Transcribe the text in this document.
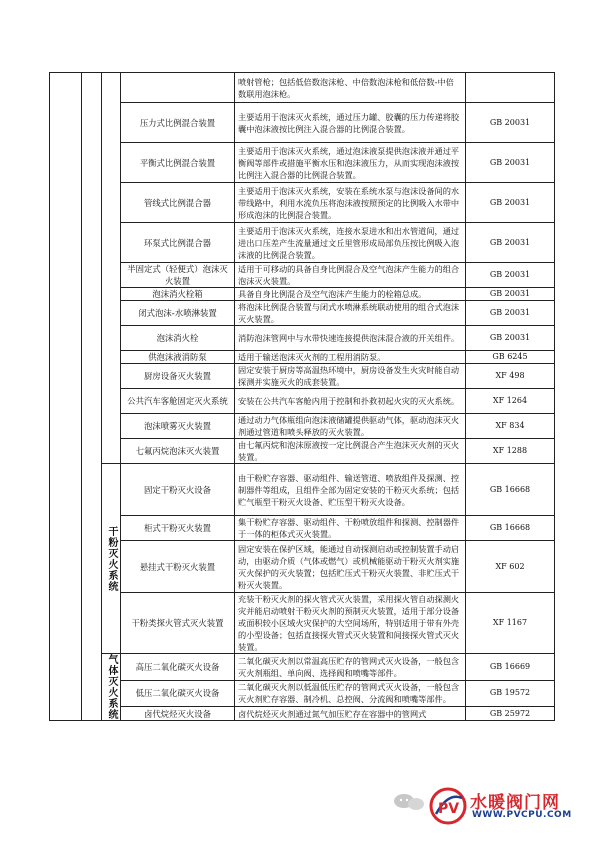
				喷射管枪；包括低倍数泡沫枪、中倍数泡沫枪和低倍数-中倍数联用泡沫枪。	
			压力式比例混合装置	主要适用于泡沫灭火系统，通过压力罐、胶囊的压力传递将胶囊中泡沫液按比例注入混合器的比例混合装置。	GB 20031
			平衡式比例混合装置	主要适用于泡沫灭火系统，通过泡沫液泵提供泡沫液并通过平衡阀等部件或措施平衡水压和泡沫液压力，从而实现泡沫液按比例注入混合器的比例混合装置。	GB 20031
			管线式比例混合器	主要适用于泡沫灭火系统，安装在系统水泵与泡沫设备间的水带线路中，利用水流负压将泡沫液按照预定的比例吸入水带中形成泡沫的比例混合装置。	GB 20031
			环泵式比例混合器	主要适用于泡沫灭火系统，连接水泵进水和出水管道间，通过进出口压差产生流量通过文丘里管形成局部负压按比例吸入泡沫液的比例混合装置。	GB 20031
			半固定式（轻便式）泡沫灭火装置	适用于可移动的具备自身比例混合及空气泡沫产生能力的组合泡沫灭火装置。	GB 20031
			泡沫消火栓箱	具备自身比例混合及空气泡沫产生能力的栓箱总成。	GB 20031
			闭式泡沫-水喷淋装置	将泡沫比例混合装置与闭式水喷淋系统联动使用的组合式泡沫灭火装置。	GB 20031
			泡沫消火栓	消防泡沫管网中与水带快速连接提供泡沫混合液的开关组件。	GB 20031
			供泡沫液消防泵	适用于输送泡沫灭火剂的工程用消防泵。	GB 6245
			厨房设备灭火装置	固定安装于厨房等高温热环境中，厨房设备发生火灾时能自动探测并实施灭火的成套装置。	XF 498
			公共汽车客舱固定灭火系统	安装在公共汽车客舱内用于控制和扑救初起火灾的灭火系统。	XF 1264
			泡沫喷雾灭火装置	通过动力气体瓶组向泡沫液储罐提供驱动气体，驱动泡沫灭火剂通过管道和喷头释放的灭火装置。	XF 834
			七氟丙烷泡沫灭火装置	由七氟丙烷和泡沫原液按一定比例混合产生泡沫灭火剂的灭火装置。	XF 1288

		干粉灭火系统	固定干粉灭火设备	由干粉贮存容器、驱动组件、输送管道、喷放组件及探测、控制器件等组成，且组件全部为固定安装的干粉灭火系统；包括贮气瓶型干粉灭火设备、贮压型干粉灭火设备。	GB 16668
			柜式干粉灭火装置	集干粉贮存容器、驱动组件、干粉喷放组件和探测、控制器件于一体的柜体式灭火装置。	GB 16668
			悬挂式干粉灭火装置	固定安装在保护区域，能通过自动探测启动或控制装置手动启动，由驱动介质（气体或燃气）或机械能驱动干粉灭火剂实施灭火保护的灭火装置；包括贮压式干粉灭火装置、非贮压式干粉灭火装置。	XF 602
			干粉类探火管式灭火装置	充装干粉灭火剂的探火管式灭火装置，采用探火管自动探测火灾并能启动喷射干粉灭火剂的预制灭火装置，适用于部分设备或面积较小区域火灾保护的大空间场所，特别适用于带有外壳的小型设备；包括直接探火管式灭火装置和间接探火管式灭火装置。	XF 1167

		气体灭火系统	高压二氧化碳灭火设备	二氧化碳灭火剂以常温高压贮存的管网式灭火设备，一般包含灭火剂瓶组、单向阀、选择阀和喷嘴等部件。	GB 16669
			低压二氧化碳灭火设备	二氧化碳灭火剂以低温低压贮存的管网式灭火设备，一般包含灭火剂贮存容器、制冷机、总控阀、分流阀和喷嘴等部件。	GB 19572
			卤代烷烃灭火设备	卤代烷烃灭火剂通过氮气加压贮存在容器中的管网式	GB 25972
PV 水暖阀门网
WWW.PVCPU.COM
